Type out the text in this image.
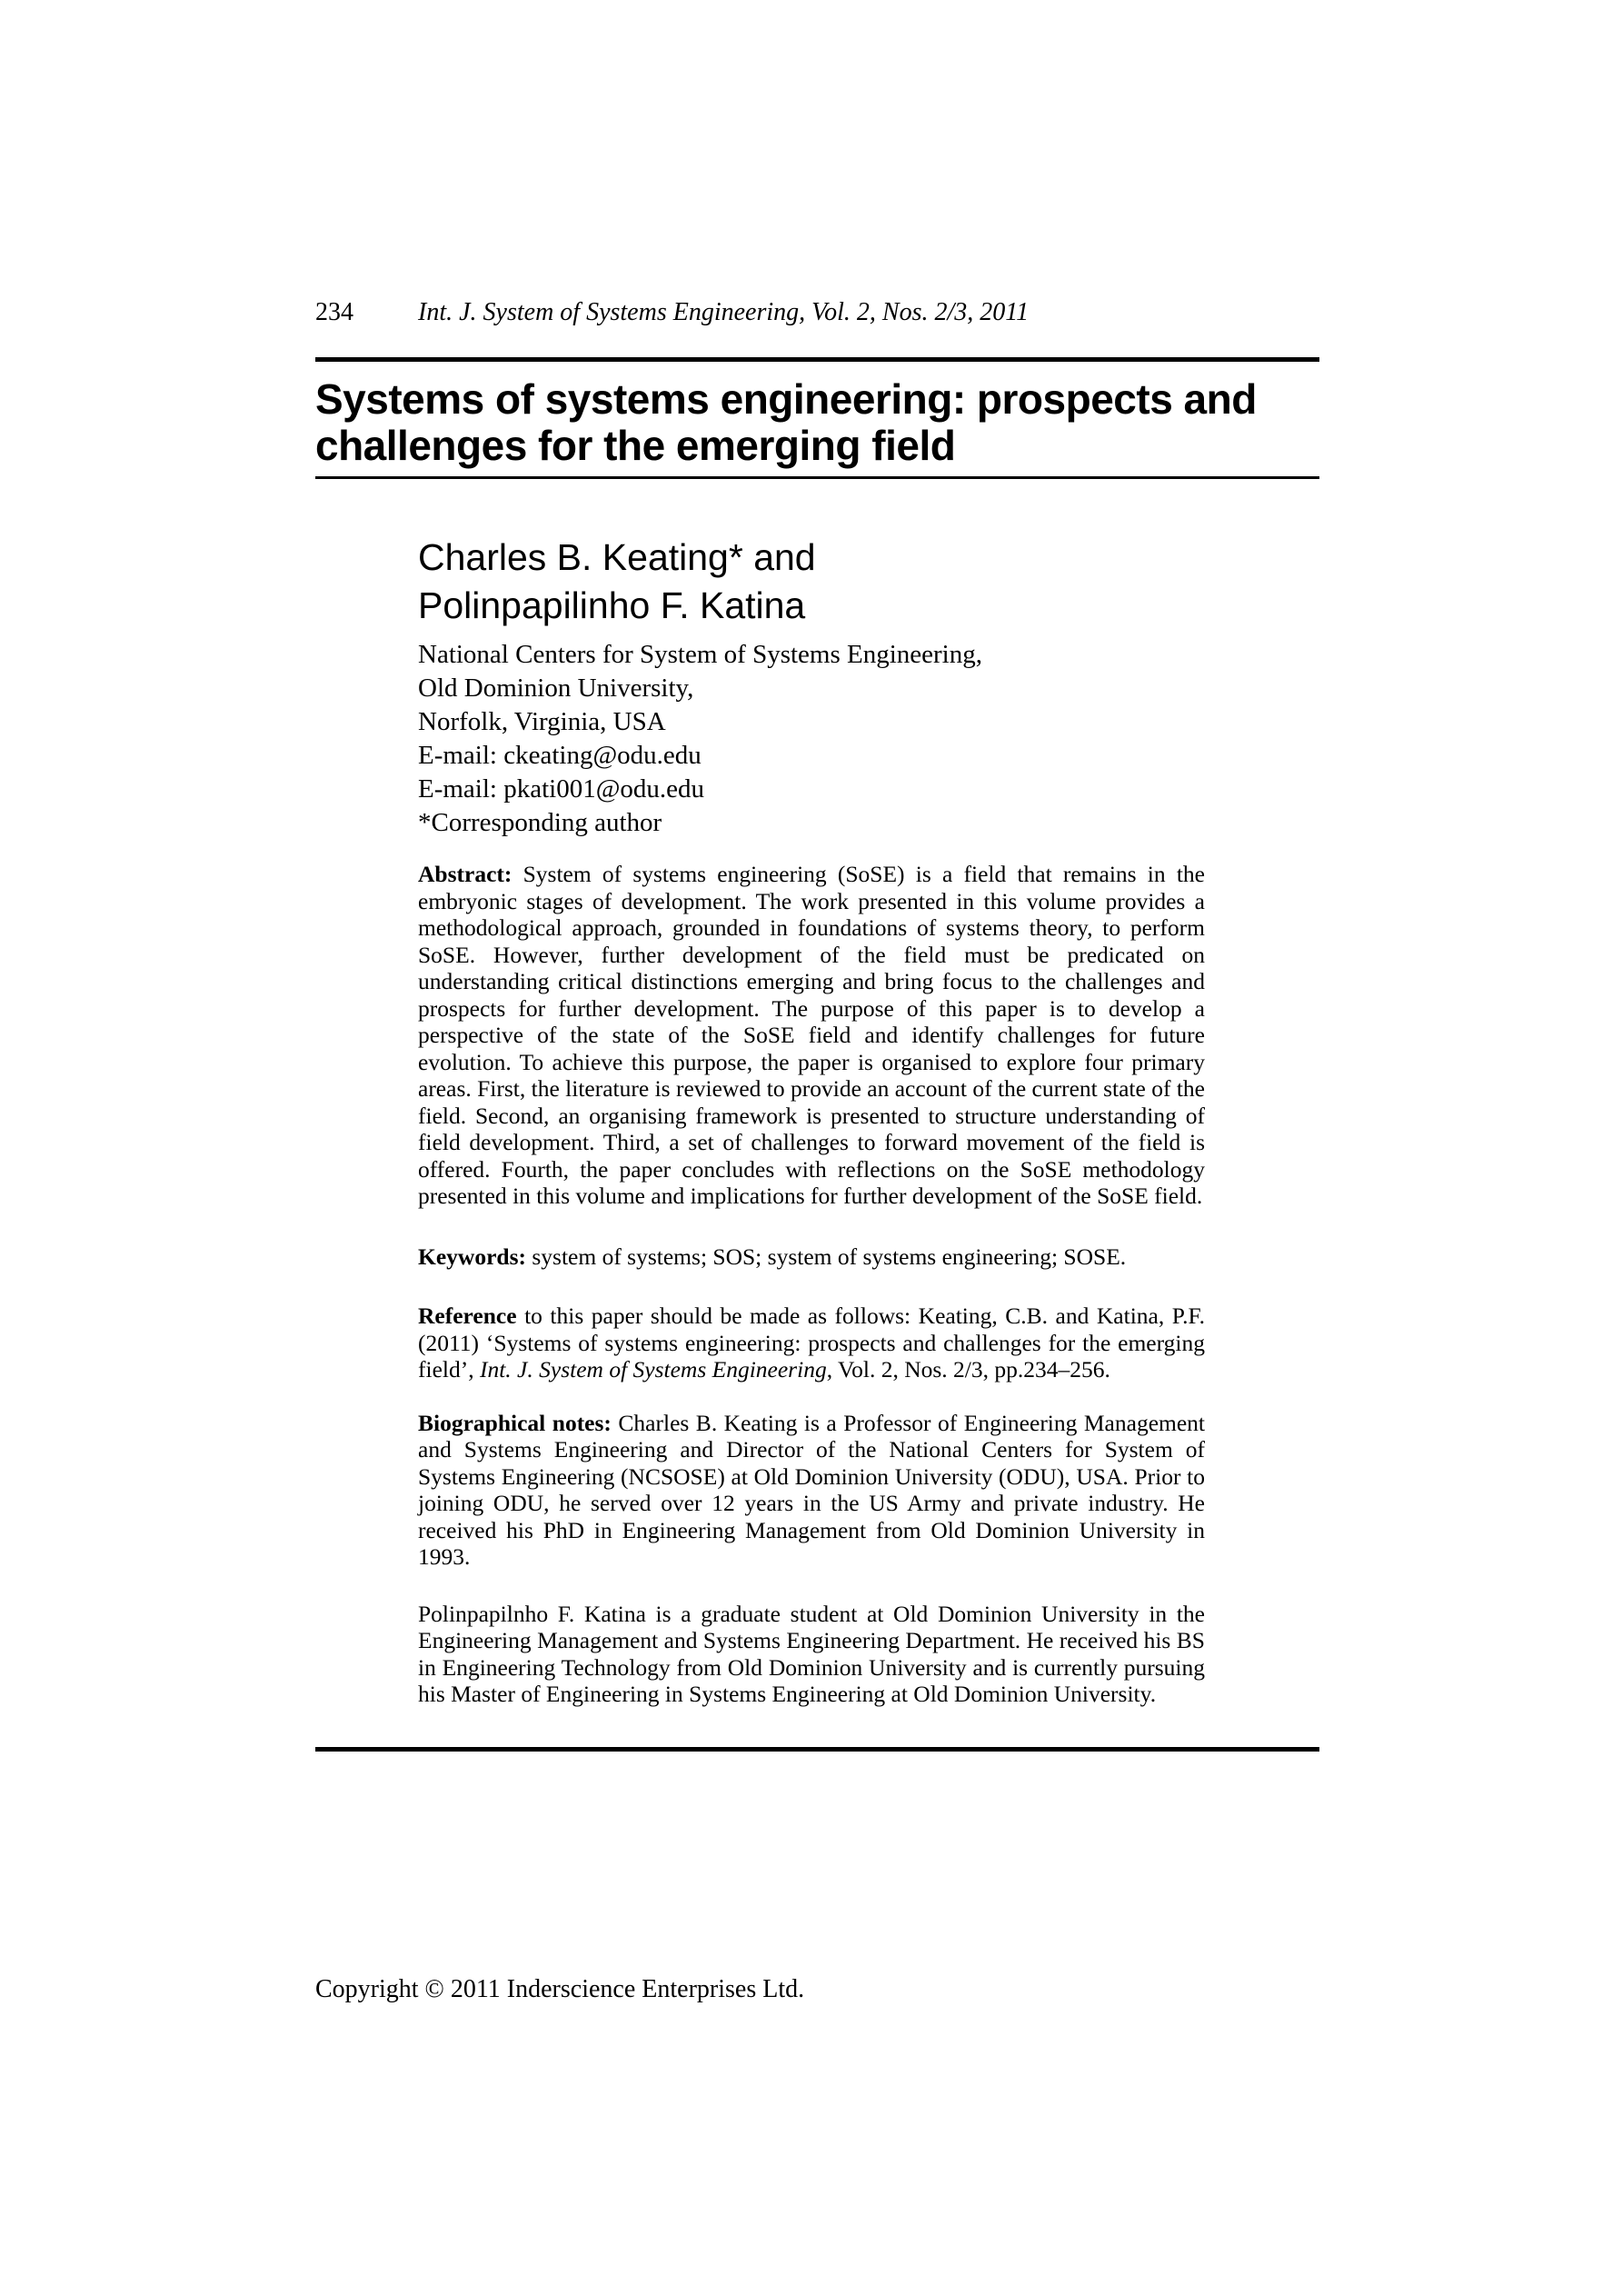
234	Int. J. System of Systems Engineering, Vol. 2, Nos. 2/3, 2011
Systems of systems engineering: prospects and challenges for the emerging field
Charles B. Keating* and
Polinpapilinho F. Katina
National Centers for System of Systems Engineering,
Old Dominion University,
Norfolk, Virginia, USA
E-mail: ckeating@odu.edu
E-mail: pkati001@odu.edu
*Corresponding author

Abstract: System of systems engineering (SoSE) is a field that remains in the embryonic stages of development. The work presented in this volume provides a methodological approach, grounded in foundations of systems theory, to perform SoSE. However, further development of the field must be predicated on understanding critical distinctions emerging and bring focus to the challenges and prospects for further development. The purpose of this paper is to develop a perspective of the state of the SoSE field and identify challenges for future evolution. To achieve this purpose, the paper is organised to explore four primary areas. First, the literature is reviewed to provide an account of the current state of the field. Second, an organising framework is presented to structure understanding of field development. Third, a set of challenges to forward movement of the field is offered. Fourth, the paper concludes with reflections on the SoSE methodology presented in this volume and implications for further development of the SoSE field.

Keywords: system of systems; SOS; system of systems engineering; SOSE.

Reference to this paper should be made as follows: Keating, C.B. and Katina, P.F. (2011) ‘Systems of systems engineering: prospects and challenges for the emerging field’, Int. J. System of Systems Engineering, Vol. 2, Nos. 2/3, pp.234–256.

Biographical notes: Charles B. Keating is a Professor of Engineering Management and Systems Engineering and Director of the National Centers for System of Systems Engineering (NCSOSE) at Old Dominion University (ODU), USA. Prior to joining ODU, he served over 12 years in the US Army and private industry. He received his PhD in Engineering Management from Old Dominion University in 1993.

Polinpapilnho F. Katina is a graduate student at Old Dominion University in the Engineering Management and Systems Engineering Department. He received his BS in Engineering Technology from Old Dominion University and is currently pursuing his Master of Engineering in Systems Engineering at Old Dominion University.

Copyright © 2011 Inderscience Enterprises Ltd.
